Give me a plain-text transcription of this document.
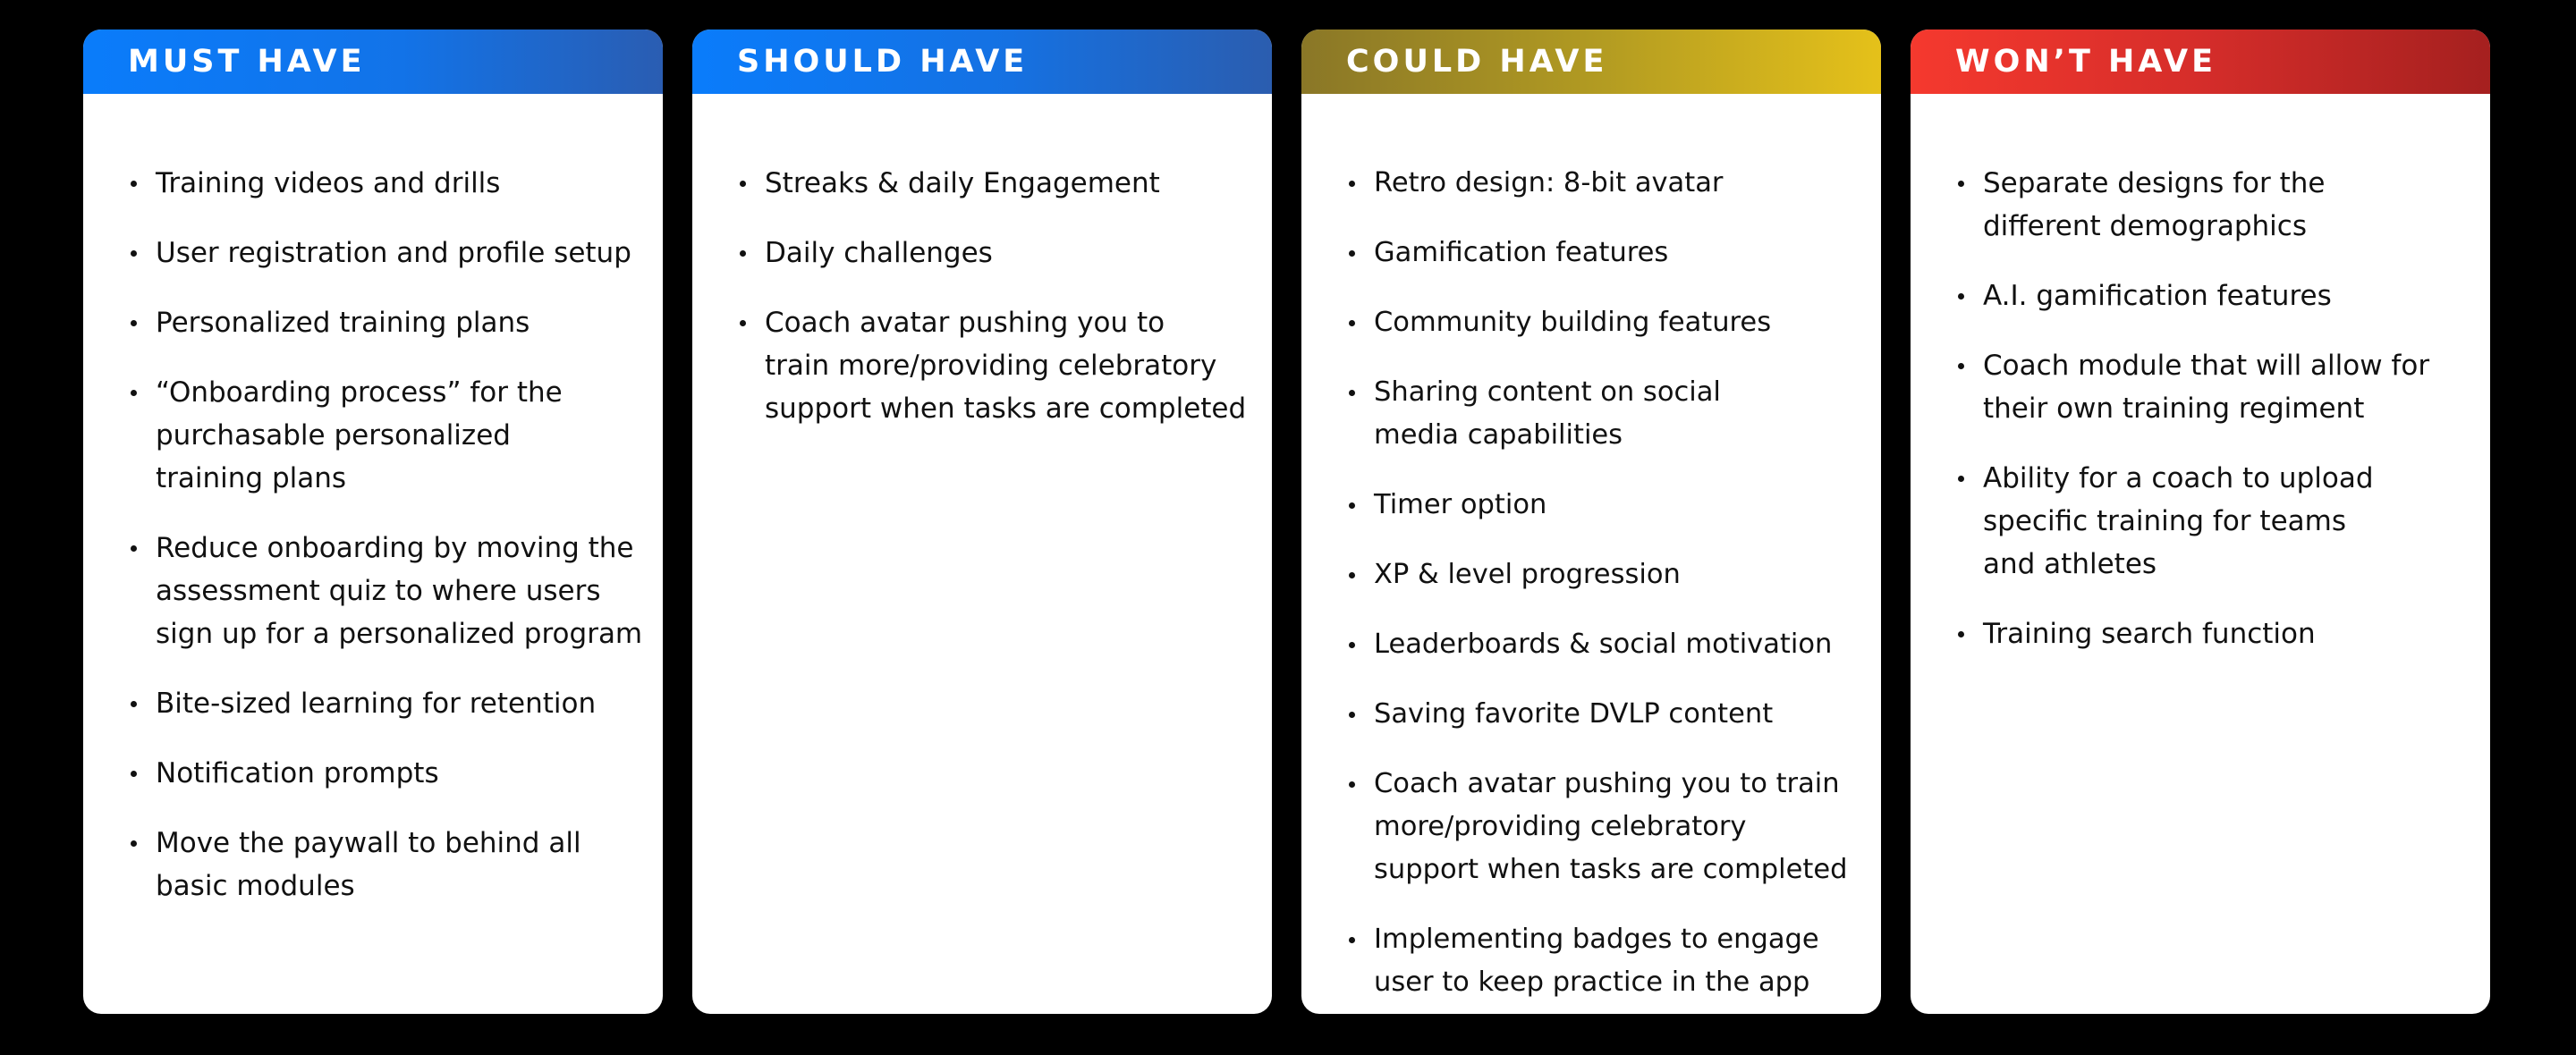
MUST HAVE
Training videos and drills
User registration and profile setup
Personalized training plans
“Onboarding process” for the
purchasable personalized
training plans
Reduce onboarding by moving the
assessment quiz to where users
sign up for a personalized program
Bite-sized learning for retention
Notification prompts
Move the paywall to behind all
basic modules
SHOULD HAVE
Streaks & daily Engagement
Daily challenges
Coach avatar pushing you to
train more/providing celebratory
support when tasks are completed
COULD HAVE
Retro design: 8-bit avatar
Gamification features
Community building features
Sharing content on social
media capabilities
Timer option
XP & level progression
Leaderboards & social motivation
Saving favorite DVLP content
Coach avatar pushing you to train
more/providing celebratory
support when tasks are completed
Implementing badges to engage
user to keep practice in the app
WON’T HAVE
Separate designs for the
different demographics
A.I. gamification features
Coach module that will allow for
their own training regiment
Ability for a coach to upload
specific training for teams
and athletes
Training search function
